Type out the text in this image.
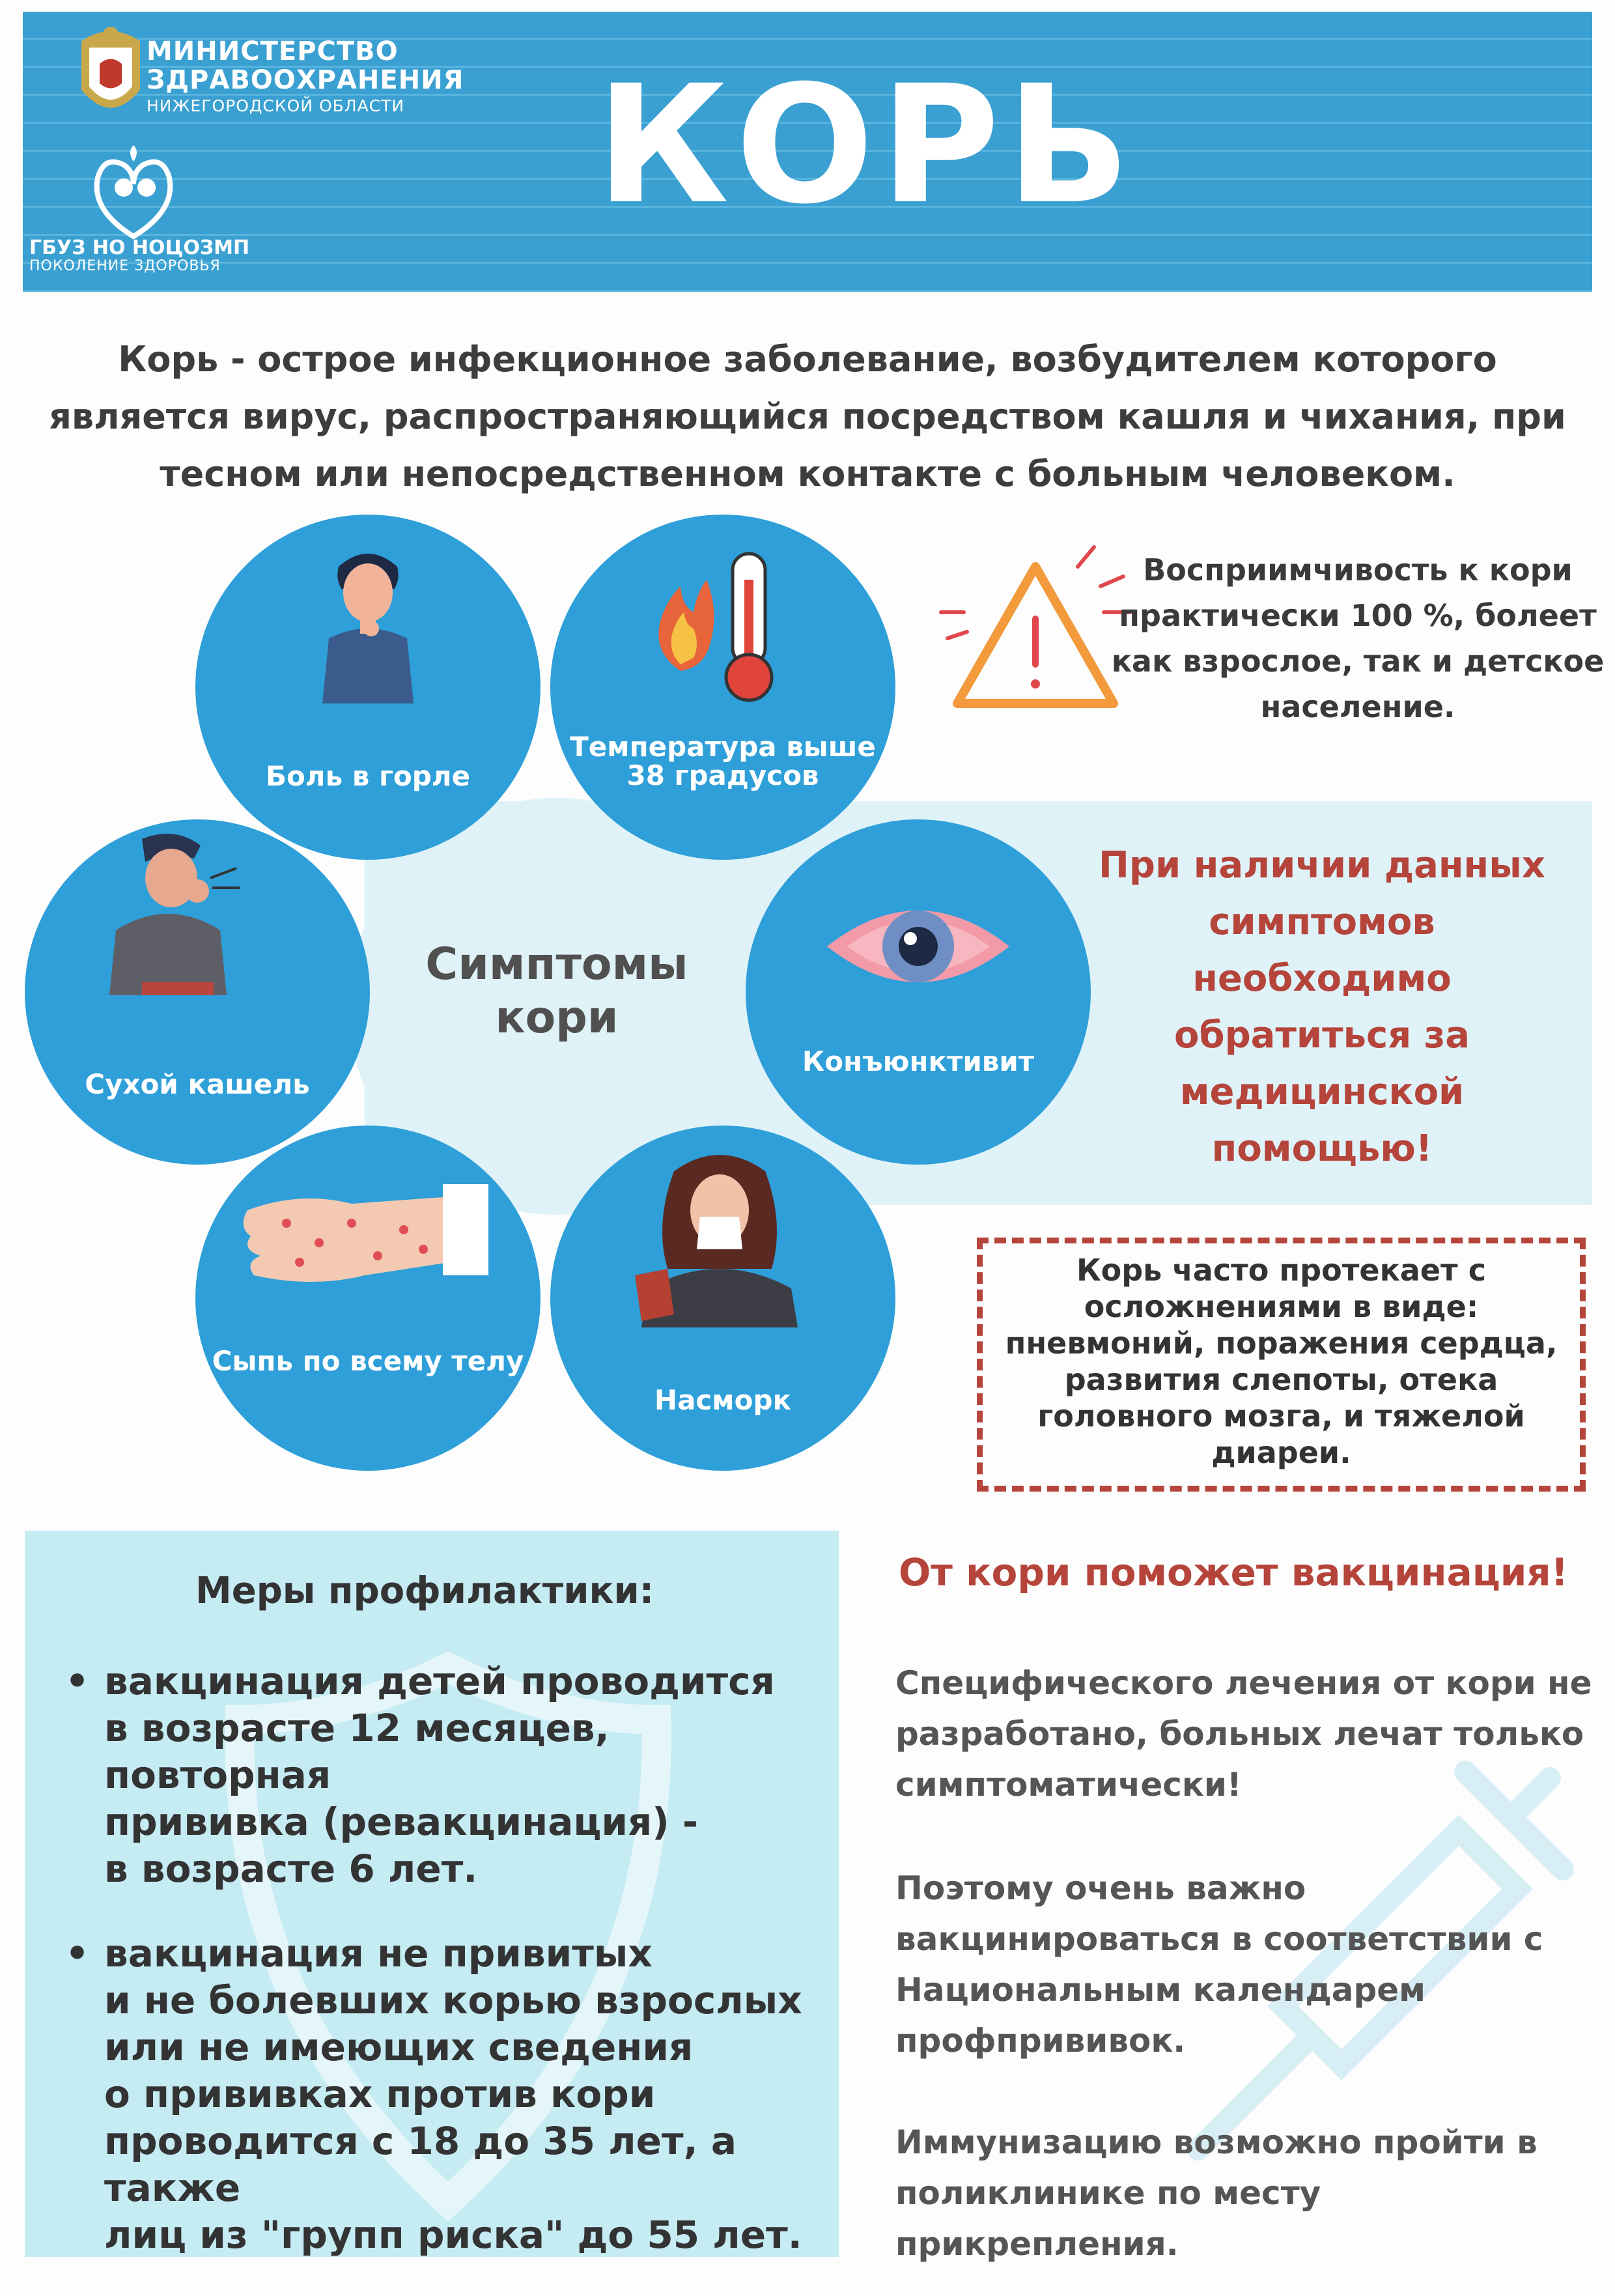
МИНИСТЕРСТВО
ЗДРАВООХРАНЕНИЯ
НИЖЕГОРОДСКОЙ ОБЛАСТИ
ГБУЗ НО НОЦОЗМП
ПОКОЛЕНИЕ ЗДОРОВЬЯ
КОРЬ
Корь - острое инфекционное заболевание, возбудителем которого является вирус, распространяющийся посредством кашля и чихания, при тесном или непосредственном контакте с больным человеком.
Симптомы кори
Боль в горле
Температура выше 38 градусов
Сухой кашель
Конъюнктивит
Сыпь по всему телу
Насморк
Восприимчивость к кори практически 100 %, болеет как взрослое, так и детское население.
При наличии данных симптомов необходимо обратиться за медицинской помощью!
Корь часто протекает с осложнениями в виде: пневмоний, поражения сердца, развития слепоты, отека головного мозга, и тяжелой диареи.
Меры профилактики:
• вакцинация детей проводится
в возрасте 12 месяцев, повторная
прививка (ревакцинация) -
в возрасте 6 лет.
• вакцинация не привитых
и не болевших корью взрослых
или не имеющих сведения
о прививках против кори
проводится с 18 до 35 лет, а также
лиц из "групп риска" до 55 лет.
От кори поможет вакцинация!
Специфического лечения от кори не разработано, больных лечат только симптоматически!
Поэтому очень важно вакцинироваться в соответствии с Национальным календарем профпрививок.
Иммунизацию возможно пройти в поликлинике по месту прикрепления.
